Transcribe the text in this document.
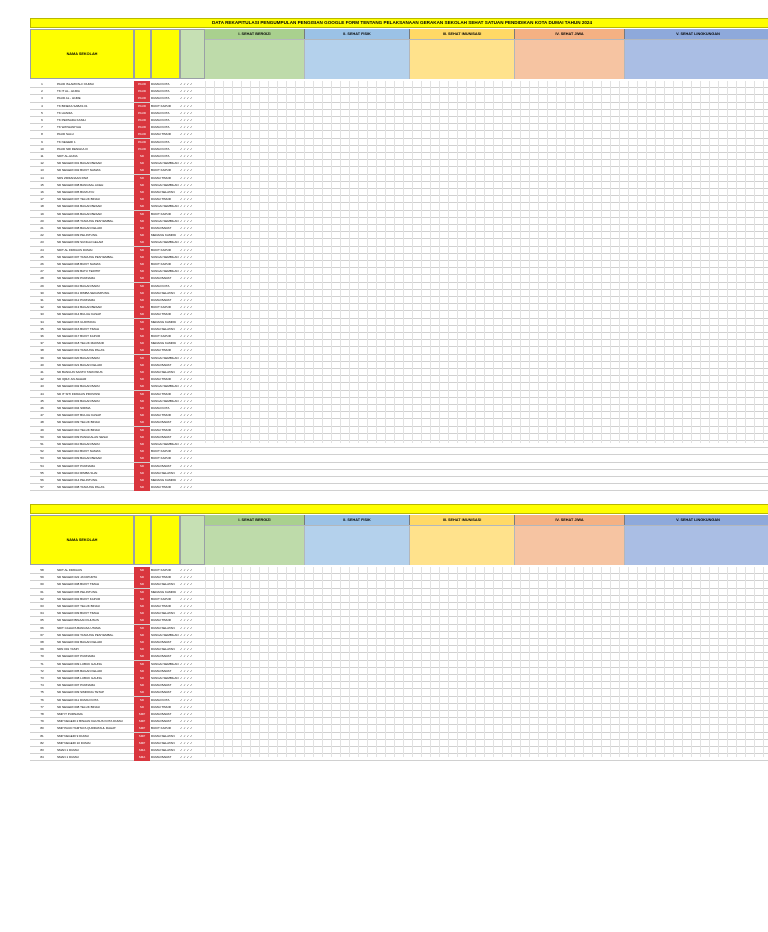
DATA REKAPITULASI PENGUMPULAN PENGISIAN GOOGLE FORM TENTANG PELAKSANAAN GERAKAN SEKOLAH SEHAT SATUAN PENDIDIKAN KOTA DUMAI TAHUN 2024
NAMA SEKOLAH
I. SEHAT BERGIZI	II. SEHAT FISIK	III. SEHAT IMUNISASI	IV. SEHAT JIWA	V. SEHAT LINGKUNGAN
1	PAUD ISLAMIYAH I DUMAI	PAUD	DUMAI KOTA	✓✓✓✓
2	TK IT AL - HIJRA	PAUD	DUMAI KOTA	✓✓✓✓
3	PAUD AL - HIJRE	PAUD	DUMAI KOTA	✓✓✓✓
4	TK BINEKA SABAS 01	PAUD	BUKIT KAPUR	✓✓✓✓
5	TK HANIFA	PAUD	DUMAI KOTA	✓✓✓✓
6	TK PERSADA KASIH	PAUD	DUMAI KOTA	✓✓✓✓
7	TK WATHANIYAH	PAUD	DUMAI KOTA	✓✓✓✓
8	PAUD SALU	PAUD	DUMAI TIMUR	✓✓✓✓
9	TK NEGERI 1	PAUD	DUMAI KOTA	✓✓✓✓
10	PAUD SRI RENGKA III	PAUD	DUMAI KOTA	✓✓✓✓
11	SDIT AL-HUDA	SD	DUMAI KOTA	✓✓✓✓
12	SD NEGERI 001 BAGAN BESAR	SD	SUNGAI SEMBILAN ✓✓✓✓
13	SD NEGERI 002 BUKIT NAMAS	SD	BUKIT KAPUR	✓✓✓✓
14	SDS ZIRFANAAN PAM	SD	DUMAI TIMUR	✓✓✓✓
15	SD NEGERI 008 BANGSAL ACEH	SD	SUNGAI SEMBILAN ✓✓✓✓
16	SD NEGERI 005 BUMI AYU	SD	DUMAI SELATAN	✓✓✓✓
17	SD NEGERI 007 TELUK BINJAI	SD	DUMAI TIMUR	✓✓✓✓
18	SD NEGERI 004 BAGAN BESAR	SD	SUNGAI SEMBILAN ✓✓✓✓
19	SD NEGERI 006 BAGAN BESAR	SD	BUKIT KAPUR	✓✓✓✓
20	SD NEGERI 008 TANJUNG PENYEMBAL	SD	SUNGAI SEMBILAN ✓✓✓✓
21	SD NEGERI 008 BAGAN KELADI	SD	DUMAI BARAT	✓✓✓✓
22	SD NEGERI 009 PELINTUNG	SD	MEDANG KAMPAI	✓✓✓✓
23	SD NEGERI 009 SUNGAI GELAM	SD	SUNGAI SEMBILAN ✓✓✓✓
24	SDIT AL FIRDAUS DUMAI	SD	BUKIT KAPUR	✓✓✓✓
25	SD NEGERI 007 TANJUNG PENYEMBAL	SD	SUNGAI SEMBILAN ✓✓✓✓
26	SD NEGERI 008 BUKIT NAMAS	SD	BUKIT KAPUR	✓✓✓✓
27	SD NEGERI 009 BATU TERITIP	SD	SUNGAI SEMBILAN ✓✓✓✓
28	SD NEGERI 009 PURNAMA	SD	DUMAI BARAT	✓✓✓✓
29	SD NEGERI 010 BAGAN BARU	SD	DUMAI KOTA	✓✓✓✓
30	SD NEGERI 011 RIMBA SEKAMPUNG	SD	DUMAI SELATAN	✓✓✓✓
31	SD NEGERI 012 PURNAMA	SD	DUMAI BARAT	✓✓✓✓
32	SD NEGERI 013 BAGAN BESAR	SD	BUKIT KAPUR	✓✓✓✓
33	SD NEGERI 014 BULUH KASAP	SD	DUMAI TIMUR	✓✓✓✓
34	SD NEGERI 015 GURITANG	SD	MEDANG KAMPAI	✓✓✓✓
35	SD NEGERI 016 BUKIT TIMAH	SD	DUMAI SELATAN	✓✓✓✓
36	SD NEGERI 017 BUKIT KAPUR	SD	BUKIT KAPUR	✓✓✓✓
37	SD NEGERI 018 TELUK MAKMUR	SD	MEDANG KAMPAI	✓✓✓✓
38	SD NEGERI 019 TANJUNG PALAS	SD	DUMAI TIMUR	✓✓✓✓
39	SD NEGERI 020 BAGAN BARU	SD	SUNGAI SEMBILAN ✓✓✓✓
40	SD NEGERI 021 BAGAN KELADI	SD	DUMAI BARAT	✓✓✓✓
41	SD BANGUN SANTO TARCISIUS	SD	DUMAI SELATAN	✓✓✓✓
42	SD IQRA' AN-NAHAR	SD	DUMAI TIMUR	✓✓✓✓
43	SD NEGERI 002 BAGAN BARU	SD	SUNGAI SEMBILAN ✓✓✓✓
44	SD IT SITI FIRDAUS PROVINSI	SD	DUMAI TIMUR	✓✓✓✓
45	SD NEGERI 003 BAGAN BARU	SD	SUNGAI SEMBILAN ✓✓✓✓
46	SD NEGERI 004 SIRIMA	SD	DUMAI KOTA	✓✓✓✓
47	SD NEGERI 007 BULUH KASAP	SD	DUMAI TIMUR	✓✓✓✓
48	SD NEGERI 009 TELUK BINJAI	SD	DUMAI BARAT	✓✓✓✓
49	SD NEGERI 010 TELUK BINJAI	SD	DUMAI TIMUR	✓✓✓✓
50	SD NEGERI 009 PANGKALAN SESAI	SD	DUMAI BARAT	✓✓✓✓
51	SD NEGERI 010 BAGAN BARU	SD	SUNGAI SEMBILAN ✓✓✓✓
52	SD NEGERI 010 BUKIT NAMAS	SD	BUKIT KAPUR	✓✓✓✓
53	SD NEGERI 009 BAGAN BESAR	SD	BUKIT KAPUR	✓✓✓✓
54	SD NEGERI 007 PURNAMA	SD	DUMAI BARAT	✓✓✓✓
55	SD NEGERI 010 RIMBA SUAI	SD	DUMAI SELATAN	✓✓✓✓
56	SD NEGERI 014 PELINTUNG	SD	MEDANG KAMPAI	✓✓✓✓
57	SD NEGERI 008 TANJUNG PALAS	SD	DUMAI TIMUR	✓✓✓✓
NAMA SEKOLAH
I. SEHAT BERGIZI	II. SEHAT FISIK	III. SEHAT IMUNISASI	IV. SEHAT JIWA	V. SEHAT LINGKUNGAN
58	SDIT AL FIRDAUS	SD	BUKIT KAPUR	✓✓✓✓
59	SD NEGERI 022 JAYAPURTA	SD	DUMAI TIMUR	✓✓✓✓
60	SD NEGERI 008 BUKIT TIMAH	SD	DUMAI SELATAN	✓✓✓✓
61	SD NEGERI 005 PELINTUNG	SD	MEDANG KAMPAI	✓✓✓✓
62	SD NEGERI 002 BUKIT KAPUR	SD	BUKIT KAPUR	✓✓✓✓
63	SD NEGERI 007 TELUK BINJAI	SD	DUMAI TIMUR	✓✓✓✓
64	SD NEGERI 009 BUKIT TIMAH	SD	DUMAI SELATAN	✓✓✓✓
65	SD NEGERI BINAAN KHUSUS	SD	DUMAI TIMUR	✓✓✓✓
66	SDIT CAHAYA BANGSA UTAMA	SD	DUMAI SELATAN	✓✓✓✓
67	SD NEGERI 002 TANJUNG PENYEMBAL	SD	SUNGAI SEMBILAN ✓✓✓✓
68	SD NEGERI 002 BAGAN KELADI	SD	DUMAI BARAT	✓✓✓✓
69	SDN 001 YASPI	SD	DUMAI SELATAN	✓✓✓✓
70	SD NEGERI 007 PURNAMA	SD	DUMAI BARAT	✓✓✓✓
71	SD NEGERI 009 LUBUK GAUNG	SD	SUNGAI SEMBILAN ✓✓✓✓
72	SD NEGERI 005 BAGAN KELADI	SD	DUMAI BARAT	✓✓✓✓
73	SD NEGERI 008 LUBUK GAUNG	SD	SUNGAI SEMBILAN ✓✓✓✓
74	SD NEGERI 007 PURNAMA	SD	DUMAI BARAT	✓✓✓✓
75	SD NEGERI 009 SIMPANG TETAP	SD	DUMAI BARAT	✓✓✓✓
76	SD NEGERI 011 DUMAI KOTA	SD	DUMAI KOTA	✓✓✓✓
77	SD NEGERI 008 TELUK BINJAI	SD	DUMAI TIMUR	✓✓✓✓
78	SMP IT PURNAMA	SMP	DUMAI BARAT	✓✓✓✓
79	SMP NEGERI 2 BINAAN KHUSUS KOTA DUMAI	SMP	DUMAI BARAT	✓✓✓✓
80	SMP PAUD TAMTAYA QURRATAUL RAHAT	SMP	BUKIT KAPUR	✓✓✓✓
81	SMP NEGERI 9 DUMAI	SMP	DUMAI SELATAN	✓✓✓✓
82	SMP NEGERI 10 DUMAI	SMP	DUMAI SELATAN	✓✓✓✓
83	SMAN 1 DUMAI	SMA	DUMAI SELATAN	✓✓✓✓
84	SMAN 1 DUMAI	SMA	DUMAI BARAT	✓✓✓✓
